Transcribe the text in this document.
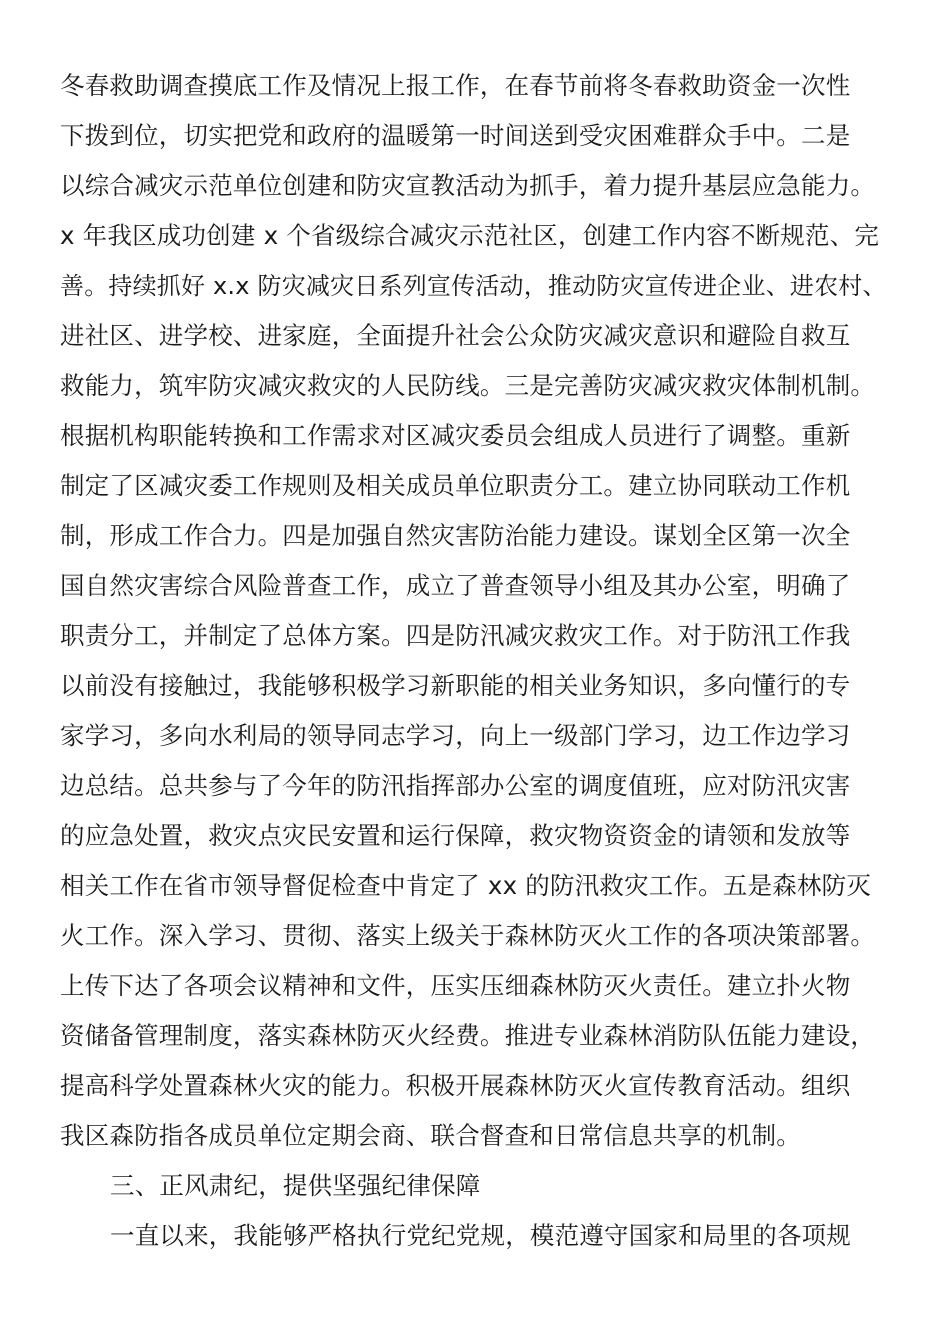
冬春救助调查摸底工作及情况上报工作，在春节前将冬春救助资金一次性
下拨到位，切实把党和政府的温暖第一时间送到受灾困难群众手中。二是
以综合减灾示范单位创建和防灾宣教活动为抓手，着力提升基层应急能力。
x 年我区成功创建 x 个省级综合减灾示范社区，创建工作内容不断规范、完
善。持续抓好 x.x 防灾减灾日系列宣传活动，推动防灾宣传进企业、进农村、
进社区、进学校、进家庭，全面提升社会公众防灾减灾意识和避险自救互
救能力，筑牢防灾减灾救灾的人民防线。三是完善防灾减灾救灾体制机制。
根据机构职能转换和工作需求对区减灾委员会组成人员进行了调整。重新
制定了区减灾委工作规则及相关成员单位职责分工。建立协同联动工作机
制，形成工作合力。四是加强自然灾害防治能力建设。谋划全区第一次全
国自然灾害综合风险普查工作，成立了普查领导小组及其办公室，明确了
职责分工，并制定了总体方案。四是防汛减灾救灾工作。对于防汛工作我
以前没有接触过，我能够积极学习新职能的相关业务知识，多向懂行的专
家学习，多向水利局的领导同志学习，向上一级部门学习，边工作边学习
边总结。总共参与了今年的防汛指挥部办公室的调度值班，应对防汛灾害
的应急处置，救灾点灾民安置和运行保障，救灾物资资金的请领和发放等
相关工作在省市领导督促检查中肯定了 xx 的防汛救灾工作。五是森林防灭
火工作。深入学习、贯彻、落实上级关于森林防灭火工作的各项决策部署。
上传下达了各项会议精神和文件，压实压细森林防灭火责任。建立扑火物
资储备管理制度，落实森林防灭火经费。推进专业森林消防队伍能力建设，
提高科学处置森林火灾的能力。积极开展森林防灭火宣传教育活动。组织
我区森防指各成员单位定期会商、联合督查和日常信息共享的机制。
三、正风肃纪，提供坚强纪律保障
一直以来，我能够严格执行党纪党规，模范遵守国家和局里的各项规
